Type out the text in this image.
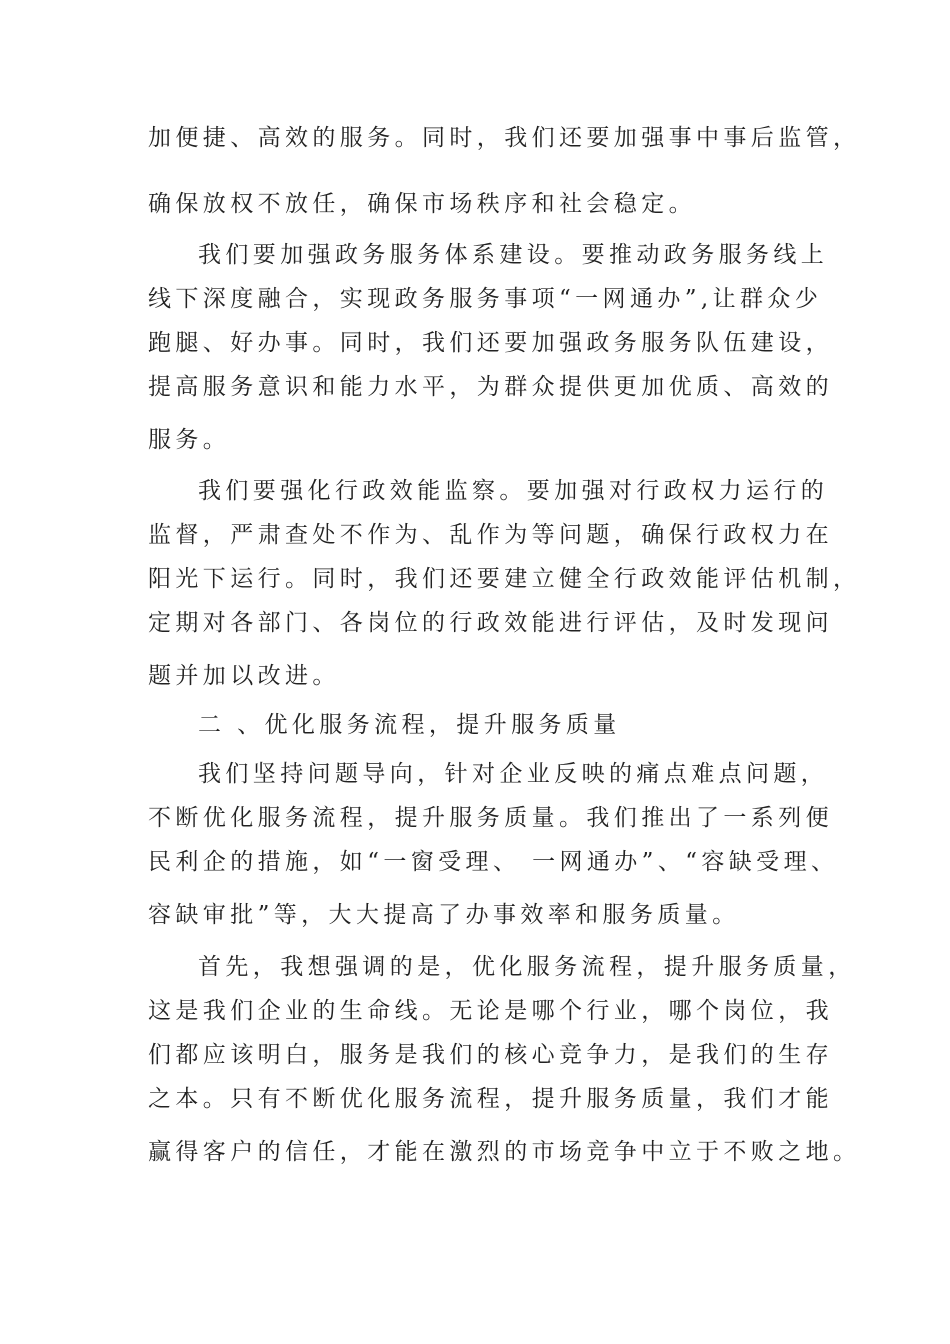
加便捷、高效的服务。同时，我们还要加强事中事后监管，
确保放权不放任，确保市场秩序和社会稳定。
我们要加强政务服务体系建设。要推动政务服务线上
线下深度融合，实现政务服务事项“一网通办”,让群众少
跑腿、好办事。同时，我们还要加强政务服务队伍建设，
提高服务意识和能力水平，为群众提供更加优质、高效的
服务。
我们要强化行政效能监察。要加强对行政权力运行的
监督，严肃查处不作为、乱作为等问题，确保行政权力在
阳光下运行。同时，我们还要建立健全行政效能评估机制，
定期对各部门、各岗位的行政效能进行评估，及时发现问
题并加以改进。
二 、优化服务流程，提升服务质量
我们坚持问题导向，针对企业反映的痛点难点问题，
不断优化服务流程，提升服务质量。我们推出了一系列便
民利企的措施，如“一窗受理、 一网通办”、“容缺受理、
容缺审批”等，大大提高了办事效率和服务质量。
首先，我想强调的是，优化服务流程，提升服务质量，
这是我们企业的生命线。无论是哪个行业，哪个岗位，我
们都应该明白，服务是我们的核心竞争力，是我们的生存
之本。只有不断优化服务流程，提升服务质量，我们才能
赢得客户的信任，才能在激烈的市场竞争中立于不败之地。
